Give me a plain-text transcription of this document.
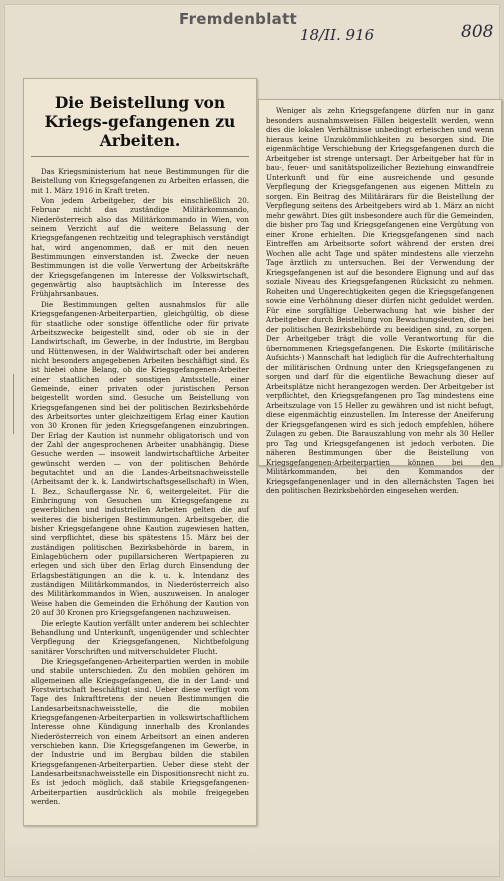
Fremdenblatt
18/II. 916	808
Die Beistellung von Kriegs-gefangenen zu Arbeiten.

Das Kriegsministerium hat neue Bestimmungen für die Beistellung von Kriegsgefangenen zu Arbeiten erlassen, die mit 1. März 1916 in Kraft treten.

Von jedem Arbeitgeber, der bis einschließlich 20. Februar nicht das zuständige Militärkommando, Niederösterreich also das Militärkommando in Wien, von seinem Verzicht auf die weitere Belassung der Kriegsgefangenen rechtzeitig und telegraphisch verständigt hat, wird angenommen, daß er mit den neuen Bestimmungen einverstanden ist. Zwecke der neuen Bestimmungen ist die volle Verwertung der Arbeitskräfte der Kriegsgefangenen im Interesse der Volkswirtschaft, gegenwärtig also hauptsächlich im Interesse des Frühjahrsanbaues.

Die Bestimmungen gelten ausnahmslos für alle Kriegsgefangenen-Arbeiterpartien, gleichgültig, ob diese für staatliche oder sonstige öffentliche oder für private Arbeitszwecke beigestellt sind, oder ob sie in der Landwirtschaft, im Gewerbe, in der Industrie, im Bergbau und Hüttenwesen, in der Waldwirtschaft oder bei anderen nicht besonders angegebenen Arbeiten beschäftigt sind. Es ist hiebei ohne Belang, ob die Kriegsgefangenen-Arbeiter einer staatlichen oder sonstigen Amtsstelle, einer Gemeinde, einer privaten oder juristischen Person beigestellt worden sind. Gesuche um Beistellung von Kriegsgefangenen sind bei der politischen Bezirksbehörde des Arbeitsortes unter gleichzeitigem Erlag einer Kaution von 30 Kronen für jeden Kriegsgefangenen einzubringen. Der Erlag der Kaution ist nunmehr obligatorisch und von der Zahl der angesprochenen Arbeiter unabhängig. Diese Gesuche werden — insoweit landwirtschaftliche Arbeiter gewünscht werden — von der politischen Behörde begutachtet und an die Landes-Arbeitsnachweisstelle (Arbeitsamt der k. k. Landwirtschaftsgesellschaft) in Wien, I. Bez., Schauflergasse Nr. 6, weitergeleitet. Für die Einbringung von Gesuchen um Kriegsgefangene zu gewerblichen und industriellen Arbeiten gelten die auf weiteres die bisherigen Bestimmungen. Arbeitsgeber, die bisher Kriegsgefangene ohne Kaution zugewiesen hatten, sind verpflichtet, diese bis spätestens 15. März bei der zuständigen politischen Bezirksbehörde in barem, in Einlagebüchern oder pupillarsicheren Wertpapieren zu erlegen und sich über den Erlag durch Einsendung der Erlagsbestätigungen an die k. u. k. Intendanz des zuständigen Militärkommandos, in Niederösterreich also des Militärkommandos in Wien, auszuweisen. In analoger Weise haben die Gemeinden die Erhöhung der Kaution von 20 auf 30 Kronen pro Kriegsgefangenen nachzuweisen.

Die erlegte Kaution verfällt unter anderem bei schlechter Behandlung und Unterkunft, ungenügender und schlechter Verpflegung der Kriegsgefangenen, Nichtbefolgung sanitärer Vorschriften und mitverschuldeter Flucht.

Die Kriegsgefangenen-Arbeiterpartien werden in mobile und stabile unterschieden. Zu den mobilen gehören im allgemeinen alle Kriegsgefangenen, die in der Land- und Forstwirtschaft beschäftigt sind. Ueber diese verfügt vom Tage des Inkrafttretens der neuen Bestimmungen die Landesarbeitsnachweisstelle, die die mobilen Kriegsgefangenen-Arbeiterpartien in volkswirtschaftlichem Interesse ohne Kündigung innerhalb des Kronlandes Niederösterreich von einem Arbeitsort an einen anderen verschieben kann. Die Kriegsgefangenen im Gewerbe, in der Industrie und im Bergbau bilden die stabilen Kriegsgefangenen-Arbeiterpartien. Ueber diese steht der Landesarbeitsnachweisstelle ein Dispositionsrecht nicht zu. Es ist jedoch möglich, daß stabile Kriegsgefangenen-Arbeiterpartien ausdrücklich als mobile freigegeben werden.

Weniger als zehn Kriegsgefangene dürfen nur in ganz besonders ausnahmsweisen Fällen beigestellt werden, wenn dies die lokalen Verhältnisse unbedingt erheischen und wenn hieraus keine Unzukömmlichkeiten zu besorgen sind. Die eigenmächtige Verschiebung der Kriegsgefangenen durch die Arbeitgeber ist strenge untersagt. Der Arbeitgeber hat für in bau-, feuer- und sanitätspolizeilicher Beziehung einwandfreie Unterkunft und für eine ausreichende und gesunde Verpflegung der Kriegsgefangenen aus eigenen Mitteln zu sorgen. Ein Beitrag des Militärärars für die Beistellung der Verpflegung seitens des Arbeitgebers wird ab 1. März an nicht mehr gewährt. Dies gilt insbesondere auch für die Gemeinden, die bisher pro Tag und Kriegsgefangenen eine Vergütung von einer Krone erhielten. Die Kriegsgefangenen sind nach Eintreffen am Arbeitsorte sofort während der ersten drei Wochen alle acht Tage und später mindestens alle vierzehn Tage ärztlich zu untersuchen. Bei der Verwendung der Kriegsgefangenen ist auf die besondere Eignung und auf das soziale Niveau des Kriegsgefangenen Rücksicht zu nehmen. Roheiten und Ungerechtigkeiten gegen die Kriegsgefangenen sowie eine Verhöhnung dieser dürfen nicht geduldet werden. Für eine sorgfältige Ueberwachung hat wie bisher der Arbeitgeber durch Beistellung von Bewachungsleuten, die bei der politischen Bezirksbehörde zu beeidigen sind, zu sorgen. Der Arbeitgeber trägt die volle Verantwortung für die übernommenen Kriegsgefangenen. Die Eskorte (militärische Aufsichts-) Mannschaft hat lediglich für die Aufrechterhaltung der militärischen Ordnung unter den Kriegsgefangenen zu sorgen und darf für die eigentliche Bewachung dieser auf Arbeitsplätze nicht herangezogen werden. Der Arbeitgeber ist verpflichtet, den Kriegsgefangenen pro Tag mindestens eine Arbeitszulage von 15 Heller zu gewähren und ist nicht befugt, diese eigenmächtig einzustellen. Im Interesse der Aneiferung der Kriegsgefangenen wird es sich jedoch empfehlen, höhere Zulagen zu geben. Die Barauszahlung von mehr als 30 Heller pro Tag und Kriegsgefangenen ist jedoch verboten. Die näheren Bestimmungen über die Beistellung von Kriegsgefangenen-Arbeiterpartien können bei den Militärkommanden, bei den Kommandos der Kriegsgefangenenlager und in den allernächsten Tagen bei den politischen Bezirksbehörden eingesehen werden.
